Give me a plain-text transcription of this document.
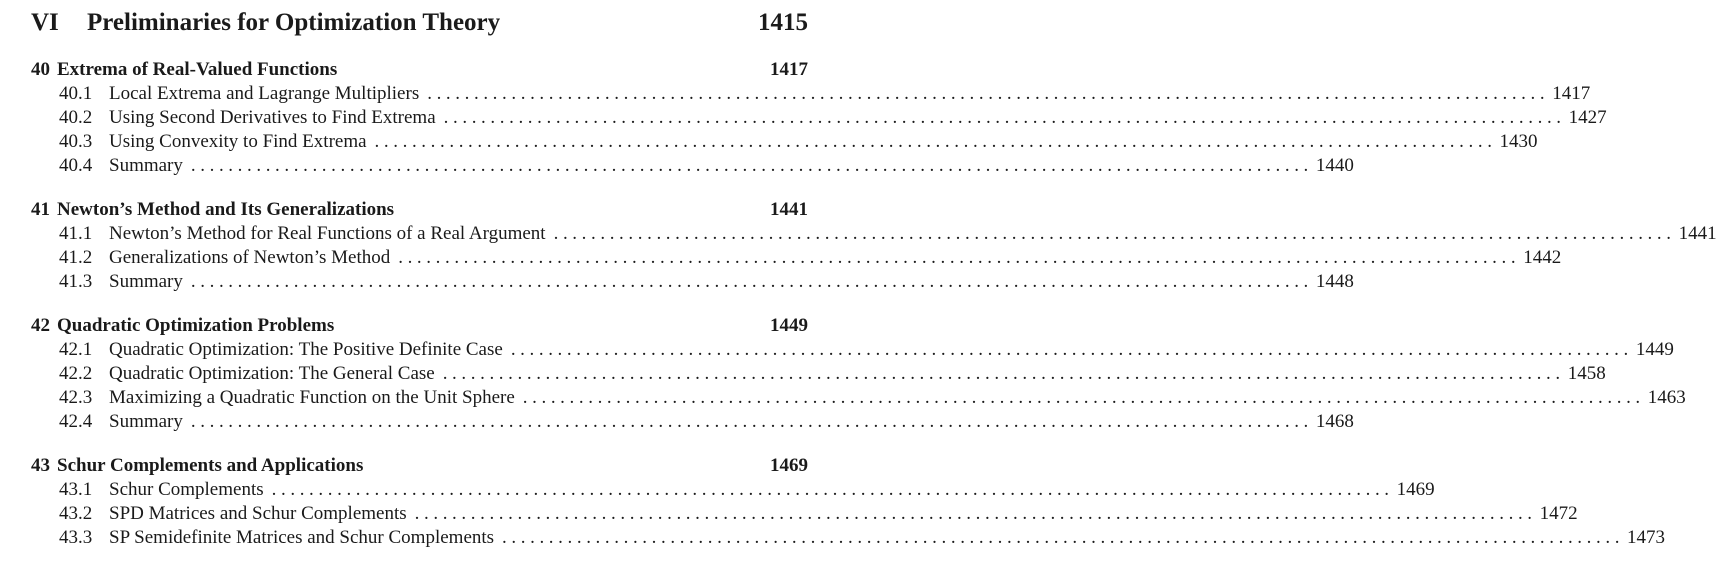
VI Preliminaries for Optimization Theory	1415
40 Extrema of Real-Valued Functions	1417
40.1 Local Extrema and Lagrange Multipliers ........................................................................................................................ 1417
40.2 Using Second Derivatives to Find Extrema ........................................................................................................................ 1427
40.3 Using Convexity to Find Extrema ........................................................................................................................ 1430
40.4 Summary ........................................................................................................................ 1440
41 Newton’s Method and Its Generalizations	1441
41.1 Newton’s Method for Real Functions of a Real Argument ........................................................................................................................ 1441
41.2 Generalizations of Newton’s Method ........................................................................................................................ 1442
41.3 Summary ........................................................................................................................ 1448
42 Quadratic Optimization Problems	1449
42.1 Quadratic Optimization: The Positive Definite Case ........................................................................................................................ 1449
42.2 Quadratic Optimization: The General Case ........................................................................................................................ 1458
42.3 Maximizing a Quadratic Function on the Unit Sphere ........................................................................................................................ 1463
42.4 Summary ........................................................................................................................ 1468
43 Schur Complements and Applications	1469
43.1 Schur Complements ........................................................................................................................ 1469
43.2 SPD Matrices and Schur Complements ........................................................................................................................ 1472
43.3 SP Semidefinite Matrices and Schur Complements ........................................................................................................................ 1473
